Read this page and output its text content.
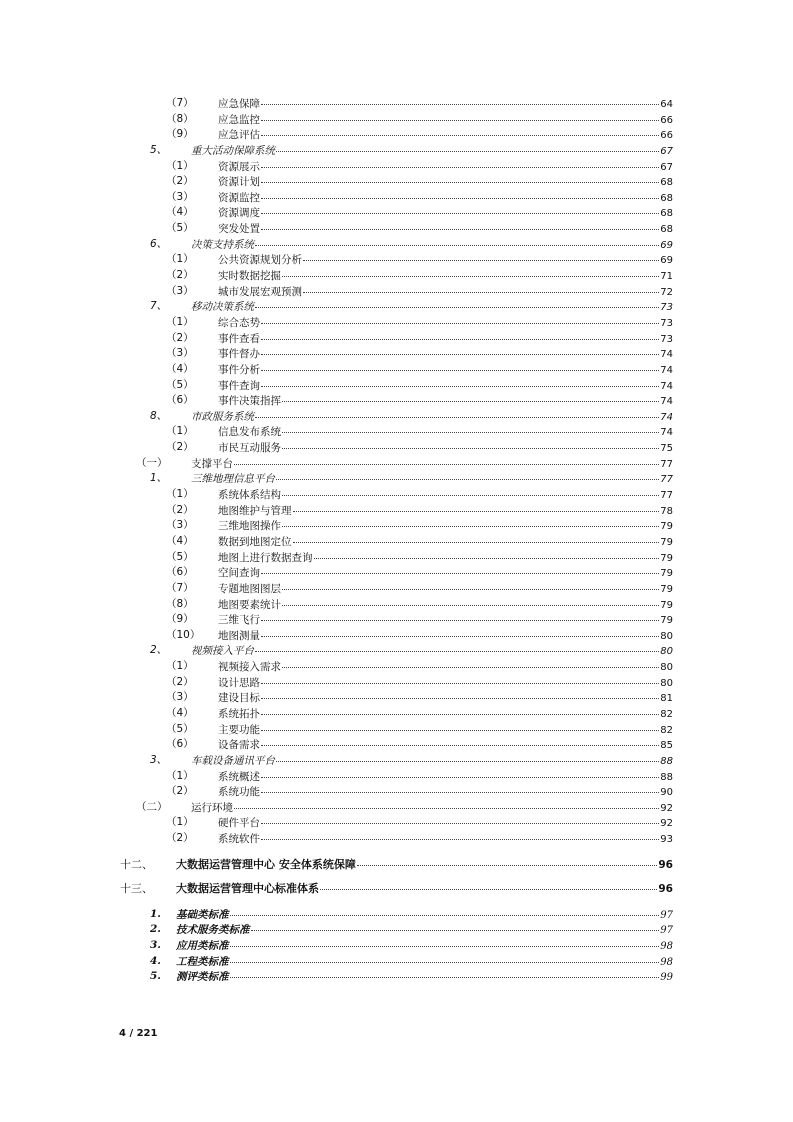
（7） 应急保障	64
（8） 应急监控	66
（9） 应急评估	66
5、 重大活动保障系统	67
（1） 资源展示	67
（2） 资源计划	68
（3） 资源监控	68
（4） 资源调度	68
（5） 突发处置	68
6、 决策支持系统	69
（1） 公共资源规划分析	69
（2） 实时数据挖掘	71
（3） 城市发展宏观预测	72
7、 移动决策系统	73
（1） 综合态势	73
（2） 事件查看	73
（3） 事件督办	74
（4） 事件分析	74
（5） 事件查询	74
（6） 事件决策指挥	74
8、 市政服务系统	74
（1） 信息发布系统	74
（2） 市民互动服务	75
（一） 支撑平台	77
1、 三维地理信息平台	77
（1） 系统体系结构	77
（2） 地图维护与管理	78
（3） 三维地图操作	79
（4） 数据到地图定位	79
（5） 地图上进行数据查询	79
（6） 空间查询	79
（7） 专题地图图层	79
（8） 地图要素统计	79
（9） 三维飞行	79
（10） 地图测量	80
2、 视频接入平台	80
（1） 视频接入需求	80
（2） 设计思路	80
（3） 建设目标	81
（4） 系统拓扑	82
（5） 主要功能	82
（6） 设备需求	85
3、 车载设备通讯平台	88
（1） 系统概述	88
（2） 系统功能	90
（二） 运行环境	92
（1） 硬件平台	92
（2） 系统软件	93
十二、 大数据运营管理中心 安全体系统保障	96
十三、 大数据运营管理中心标准体系	96
1. 基础类标准	97
2. 技术服务类标准	97
3. 应用类标准	98
4. 工程类标准	98
5. 测评类标准	99
4 / 221
